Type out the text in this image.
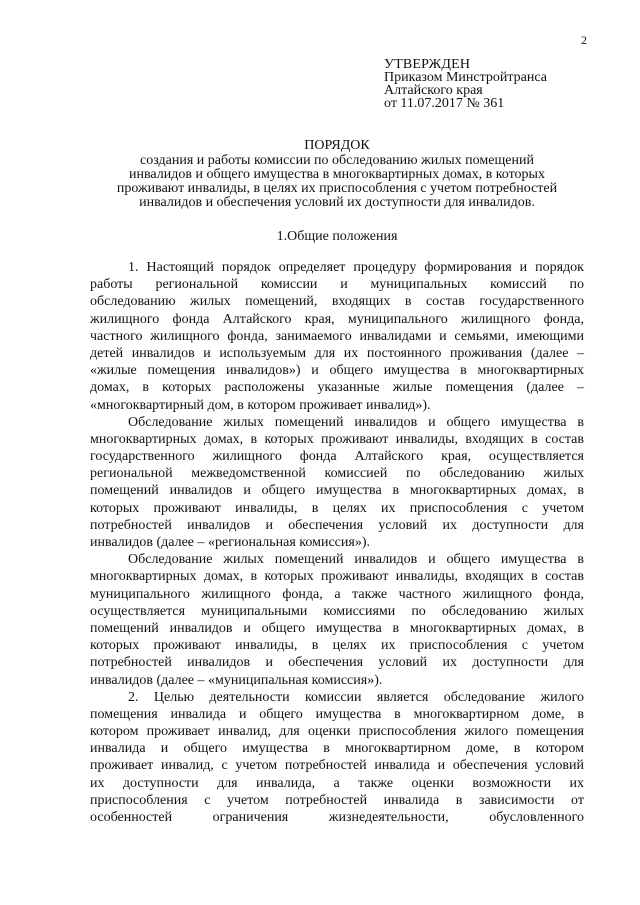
2
УТВЕРЖДЕН
Приказом Минстройтранса
Алтайского края
от 11.07.2017 № 361
ПОРЯДОК
создания и работы комиссии по обследованию жилых помещений
инвалидов и общего имущества в многоквартирных домах, в которых
проживают инвалиды, в целях их приспособления с учетом потребностей
инвалидов и обеспечения условий их доступности для инвалидов.
1.Общие положения
1. Настоящий порядок определяет процедуру формирования и порядок
работы региональной комиссии и муниципальных комиссий по
обследованию жилых помещений, входящих в состав государственного
жилищного фонда Алтайского края, муниципального жилищного фонда,
частного жилищного фонда, занимаемого инвалидами и семьями, имеющими
детей инвалидов и используемым для их постоянного проживания (далее –
«жилые помещения инвалидов») и общего имущества в многоквартирных
домах, в которых расположены указанные жилые помещения (далее –
«многоквартирный дом, в котором проживает инвалид»).
Обследование жилых помещений инвалидов и общего имущества в
многоквартирных домах, в которых проживают инвалиды, входящих в состав
государственного жилищного фонда Алтайского края, осуществляется
региональной межведомственной комиссией по обследованию жилых
помещений инвалидов и общего имущества в многоквартирных домах, в
которых проживают инвалиды, в целях их приспособления с учетом
потребностей инвалидов и обеспечения условий их доступности для
инвалидов (далее – «региональная комиссия»).
Обследование жилых помещений инвалидов и общего имущества в
многоквартирных домах, в которых проживают инвалиды, входящих в состав
муниципального жилищного фонда, а также частного жилищного фонда,
осуществляется муниципальными комиссиями по обследованию жилых
помещений инвалидов и общего имущества в многоквартирных домах, в
которых проживают инвалиды, в целях их приспособления с учетом
потребностей инвалидов и обеспечения условий их доступности для
инвалидов (далее – «муниципальная комиссия»).
2. Целью деятельности комиссии является обследование жилого
помещения инвалида и общего имущества в многоквартирном доме, в
котором проживает инвалид, для оценки приспособления жилого помещения
инвалида и общего имущества в многоквартирном доме, в котором
проживает инвалид, с учетом потребностей инвалида и обеспечения условий
их доступности для инвалида, а также оценки возможности их
приспособления с учетом потребностей инвалида в зависимости от
особенностей ограничения жизнедеятельности, обусловленного
